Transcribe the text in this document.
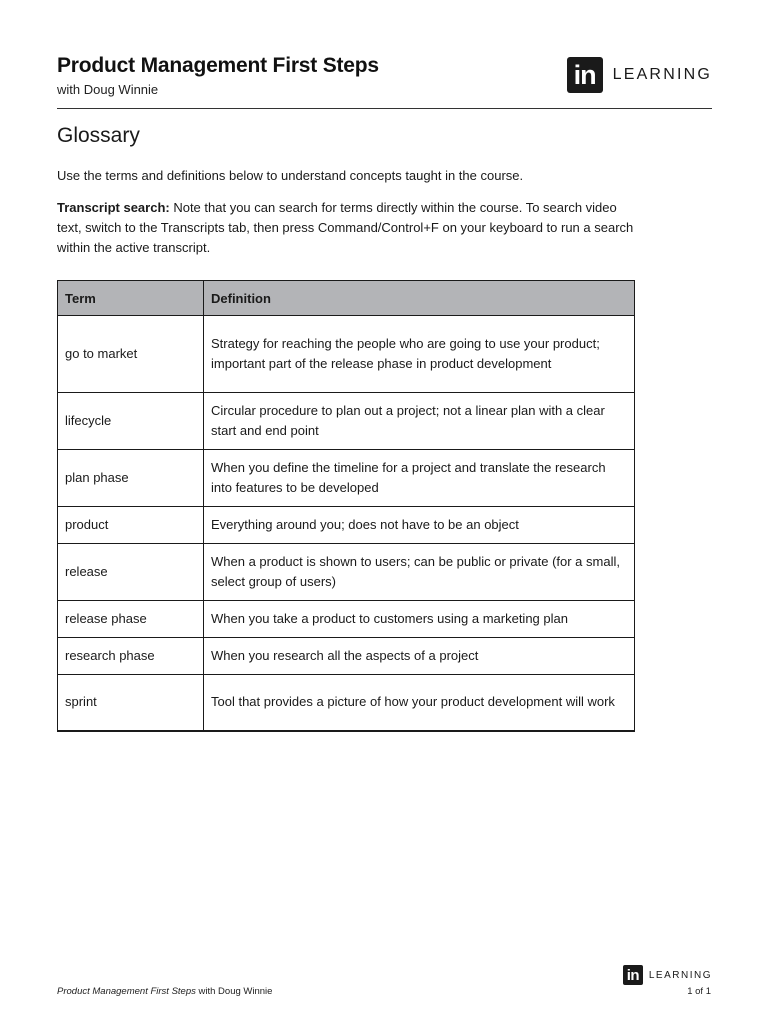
Product Management First Steps
with Doug Winnie	in	LEARNING
Glossary
Use the terms and definitions below to understand concepts taught in the course.
Transcript search: Note that you can search for terms directly within the course. To search video text, switch to the Transcripts tab, then press Command/Control+F on your keyboard to run a search within the active transcript.
Term	Definition
go to market	Strategy for reaching the people who are going to use your product; important part of the release phase in product development
lifecycle	Circular procedure to plan out a project; not a linear plan with a clear start and end point
plan phase	When you define the timeline for a project and translate the research into features to be developed
product	Everything around you; does not have to be an object
release	When a product is shown to users; can be public or private (for a small, select group of users)
release phase	When you take a product to customers using a marketing plan
research phase	When you research all the aspects of a project
sprint	Tool that provides a picture of how your product development will work
in LEARNING
Product Management First Steps with Doug Winnie	1 of 1
